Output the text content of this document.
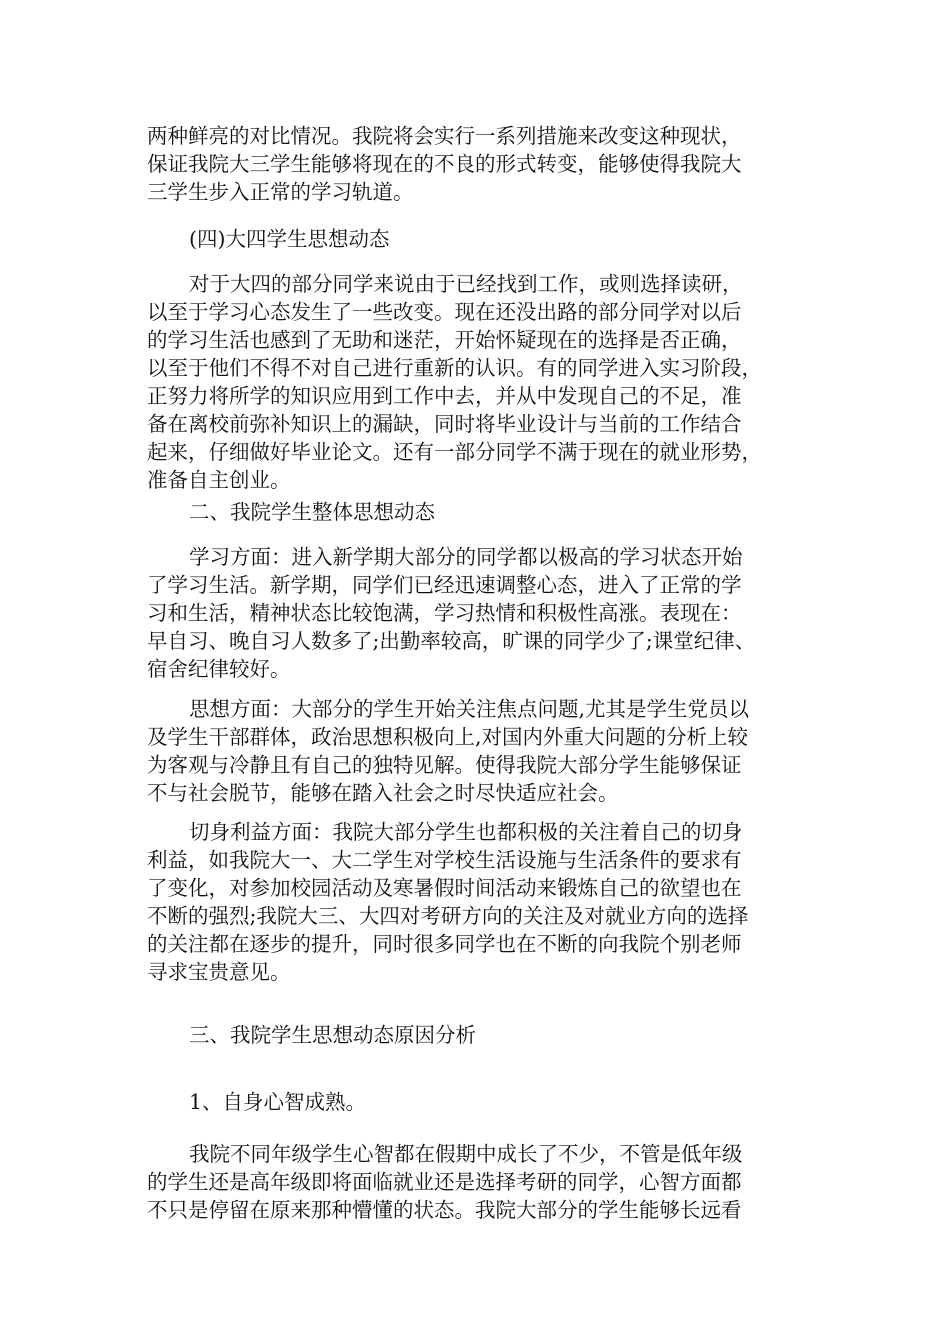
两种鲜亮的对比情况。我院将会实行一系列措施来改变这种现状，
保证我院大三学生能够将现在的不良的形式转变，能够使得我院大
三学生步入正常的学习轨道。
(四)大四学生思想动态
对于大四的部分同学来说由于已经找到工作，或则选择读研，
以至于学习心态发生了一些改变。现在还没出路的部分同学对以后
的学习生活也感到了无助和迷茫，开始怀疑现在的选择是否正确，
以至于他们不得不对自己进行重新的认识。有的同学进入实习阶段，
正努力将所学的知识应用到工作中去，并从中发现自己的不足，准
备在离校前弥补知识上的漏缺，同时将毕业设计与当前的工作结合
起来，仔细做好毕业论文。还有一部分同学不满于现在的就业形势，
准备自主创业。
二、我院学生整体思想动态
学习方面：进入新学期大部分的同学都以极高的学习状态开始
了学习生活。新学期，同学们已经迅速调整心态，进入了正常的学
习和生活，精神状态比较饱满，学习热情和积极性高涨。表现在：
早自习、晚自习人数多了;出勤率较高，旷课的同学少了;课堂纪律、
宿舍纪律较好。
思想方面：大部分的学生开始关注焦点问题,尤其是学生党员以
及学生干部群体，政治思想积极向上,对国内外重大问题的分析上较
为客观与冷静且有自己的独特见解。使得我院大部分学生能够保证
不与社会脱节，能够在踏入社会之时尽快适应社会。
切身利益方面：我院大部分学生也都积极的关注着自己的切身
利益，如我院大一、大二学生对学校生活设施与生活条件的要求有
了变化，对参加校园活动及寒暑假时间活动来锻炼自己的欲望也在
不断的强烈;我院大三、大四对考研方向的关注及对就业方向的选择
的关注都在逐步的提升，同时很多同学也在不断的向我院个别老师
寻求宝贵意见。
三、我院学生思想动态原因分析
1、自身心智成熟。
我院不同年级学生心智都在假期中成长了不少，不管是低年级
的学生还是高年级即将面临就业还是选择考研的同学，心智方面都
不只是停留在原来那种懵懂的状态。我院大部分的学生能够长远看
